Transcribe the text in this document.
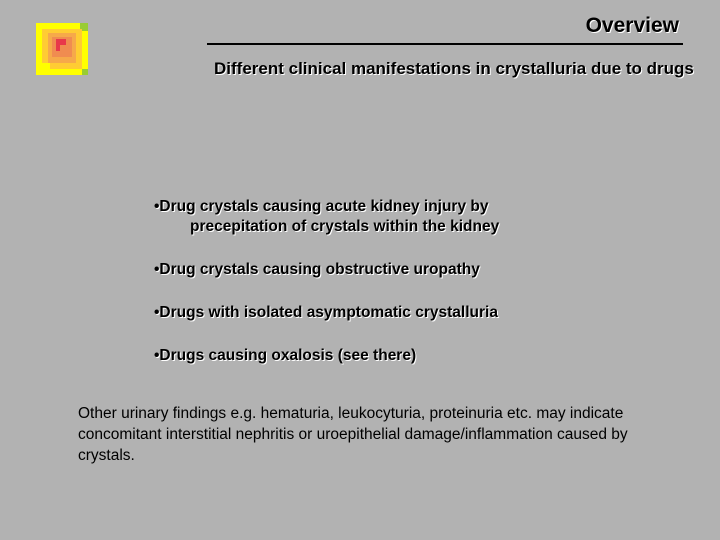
Overview
Different clinical manifestations in crystalluria due to drugs
•Drug crystals causing acute kidney injury by
precepitation of crystals within the kidney
•Drug crystals causing obstructive uropathy
•Drugs with isolated asymptomatic crystalluria
•Drugs causing oxalosis (see there)
Other urinary findings e.g. hematuria, leukocyturia, proteinuria etc. may indicate concomitant interstitial nephritis or uroepithelial damage/inflammation caused by crystals.
